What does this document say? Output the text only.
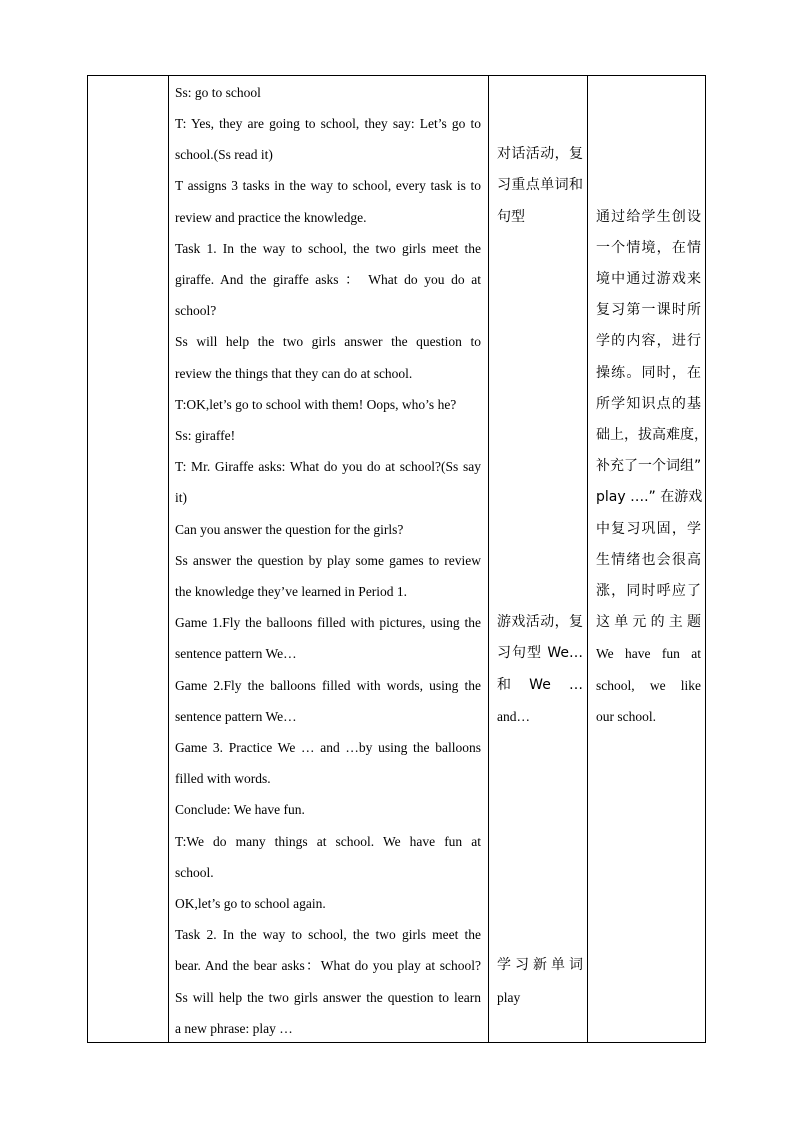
Ss: go to school
T: Yes, they are going to school, they say: Let’s go to
school.(Ss read it)
T assigns 3 tasks in the way to school, every task is to
review and practice the knowledge.
Task 1. In the way to school, the two girls meet the
giraffe. And the giraffe asks ： What do you do at
school?
Ss will help the two girls answer the question to
review the things that they can do at school.
T:OK,let’s go to school with them! Oops, who’s he?
Ss: giraffe!
T: Mr. Giraffe asks: What do you do at school?(Ss say
it)
Can you answer the question for the girls?
Ss answer the question by play some games to review
the knowledge they’ve learned in Period 1.
Game 1.Fly the balloons filled with pictures, using the
sentence pattern We…
Game 2.Fly the balloons filled with words, using the
sentence pattern We…
Game 3. Practice We … and …by using the balloons
filled with words.
Conclude: We have fun.
T:We do many things at school. We have fun at
school.
OK,let’s go to school again.
Task 2. In the way to school, the two girls meet the
bear. And the bear asks：What do you play at school?
Ss will help the two girls answer the question to learn
a new phrase: play …
对话活动，复
习重点单词和
句型
游戏活动，复
习句型 We…
和　We　…
and…
学习新单词
play
通过给学生创设
一个情境，在情
境中通过游戏来
复习第一课时所
学的内容，进行
操练。同时，在
所学知识点的基
础上，拔高难度，
补充了一个词组”
play ….” 在游戏
中复习巩固，学
生情绪也会很高
涨，同时呼应了
这单元的主题
We have fun at
school, we like
our school.
